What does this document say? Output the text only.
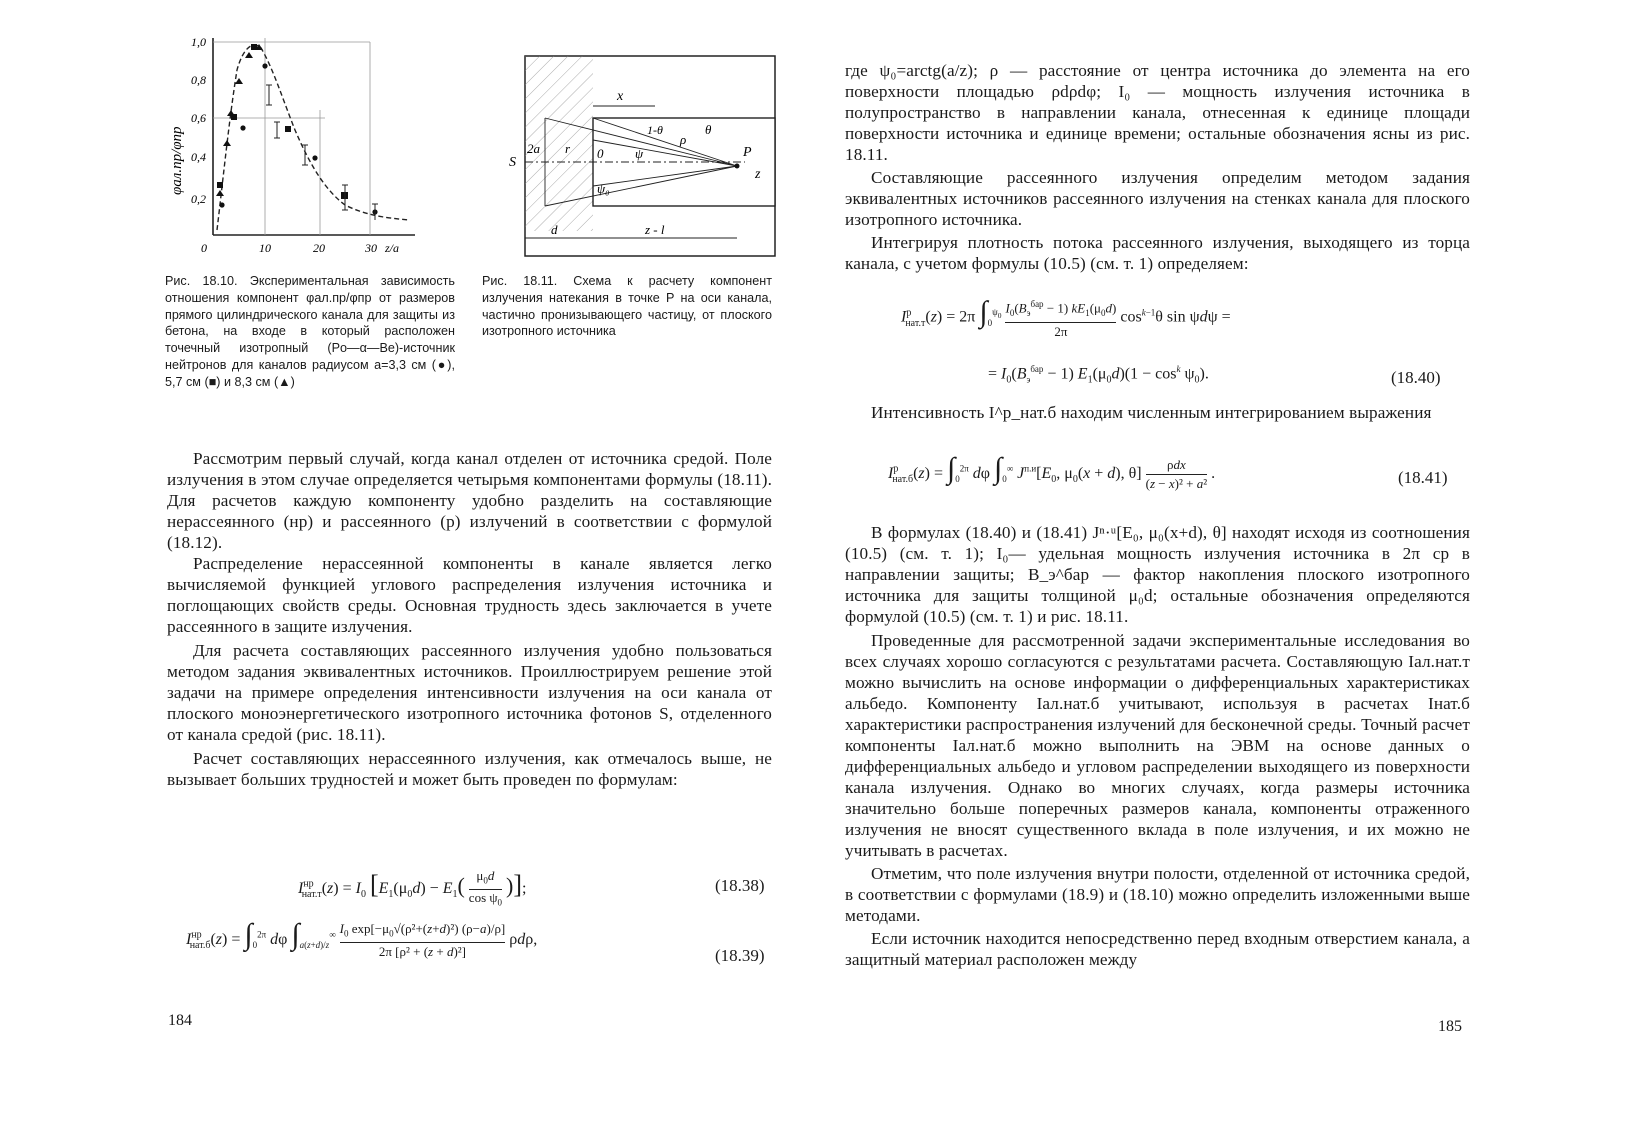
1,0
0,8
0,6
0,4
0,2
0	10	20	30 z/a
φал.пр/φпр

Рис. 18.10. Экспериментальная зависимость отношения компонент φал.пр/φпр от размеров прямого цилиндрического канала для защиты из бетона, на входе в который расположен точечный изотропный (Po—α—Be)-источник нейтронов для каналов радиусом a=3,3 см (●), 5,7 см (■) и 8,3 см (▲)

x
2a r
1-θ	θ
ρ
S
0 ψ
ψ₀
P
z
d	z - l

Рис. 18.11. Схема к расчету компонент излучения натекания в точке P на оси канала, частично пронизывающего частицу, от плоского изотропного источника

Рассмотрим первый случай, когда канал отделен от источника средой. Поле излучения в этом случае определяется четырьмя компонентами формулы (18.11). Для расчетов каждую компоненту удобно разделить на составляющие нерассеянного (нр) и рассеянного (р) излучений в соответствии с формулой (18.12).

Распределение нерассеянной компоненты в канале является легко вычисляемой функцией углового распределения излучения источника и поглощающих свойств среды. Основная трудность здесь заключается в учете рассеянного в защите излучения.

Для расчета составляющих рассеянного излучения удобно пользоваться методом задания эквивалентных источников. Проиллюстрируем решение этой задачи на примере определения интенсивности излучения на оси канала от плоского моноэнергетического изотропного источника фотонов S, отделенного от канала средой (рис. 18.11).

Расчет составляющих нерассеянного излучения, как отмечалось выше, не вызывает больших трудностей и может быть проведен по формулам:

$I^{нр}_{нат.т}(z) = I_0$ [$E_1(\mu_0d) - E_1$( $\mu_0d$

$\cos \psi_0$
)];	(18.38)
$I^{нр}_{нат.б}(z) = \int_0^{2\pi}$ dφ $\int_{a(z+d)/z}^\infty$ $I_0$ $\exp[-\mu_0√(\rho^2+(z+d)^2)$ (ρ−a)/ρ]

2π [ρ² + (z + d)²]
ρdρ,
(18.39)
184

где ψ₀=arctg(a/z); ρ — расстояние от центра источника до элемента на его поверхности площадью ρdρdφ; I₀ — мощность излучения источника в полупространство в направлении канала, отнесенная к единице площади поверхности источника и единице времени; остальные обозначения ясны из рис. 18.11.

Составляющие рассеянного излучения определим методом задания эквивалентных источников рассеянного излучения на стенках канала для плоского изотропного источника.

Интегрируя плотность потока рассеянного излучения, выходящего из торца канала, с учетом формулы (10.5) (см. т. 1) определяем:

$I^р_{нат.т}(z) = 2\pi$ $\int_0^{\psi_0}$ $I_0(B_э^{бар} - 1)$ $kE_1(\mu_0d)$

2π
$\cos^{k-1}\theta$ sin ψdψ =
= $I_0(B_э^{бар} - 1) E_1(\mu_0d)(1 - \cos^k \psi_0)$.	(18.40)

Интенсивность I^р_нат.б находим численным интегрированием выражения

$I^р_{нат.б}(z) = \int_0^{2\pi}$ dφ $\int_0^\infty$ $J^{п.и}[E_0$, $\mu_0(x + d)$, θ] ρdx

(z − x)² + a²
.	(18.41)

В формулах (18.40) и (18.41) Jⁿ·ᵘ[E₀, μ₀(x+d), θ] находят исходя из соотношения (10.5) (см. т. 1); I₀— удельная мощность излучения источника в 2π ср в направлении защиты; B_э^бар — фактор накопления плоского изотропного источника для защиты толщиной μ₀d; остальные обозначения определяются формулой (10.5) (см. т. 1) и рис. 18.11.

Проведенные для рассмотренной задачи экспериментальные исследования во всех случаях хорошо согласуются с результатами расчета. Составляющую Iал.нат.т можно вычислить на основе информации о дифференциальных характеристиках альбедо. Компоненту Iал.нат.б учитывают, используя в расчетах Iнат.б характеристики распространения излучений для бесконечной среды. Точный расчет компоненты Iал.нат.б можно выполнить на ЭВМ на основе данных о дифференциальных альбедо и угловом распределении выходящего из поверхности канала излучения. Однако во многих случаях, когда размеры источника значительно больше поперечных размеров канала, компоненты отраженного излучения не вносят существенного вклада в поле излучения, и их можно не учитывать в расчетах.

Отметим, что поле излучения внутри полости, отделенной от источника средой, в соответствии с формулами (18.9) и (18.10) можно определить изложенными выше методами.

Если источник находится непосредственно перед входным отверстием канала, а защитный материал расположен между

185
